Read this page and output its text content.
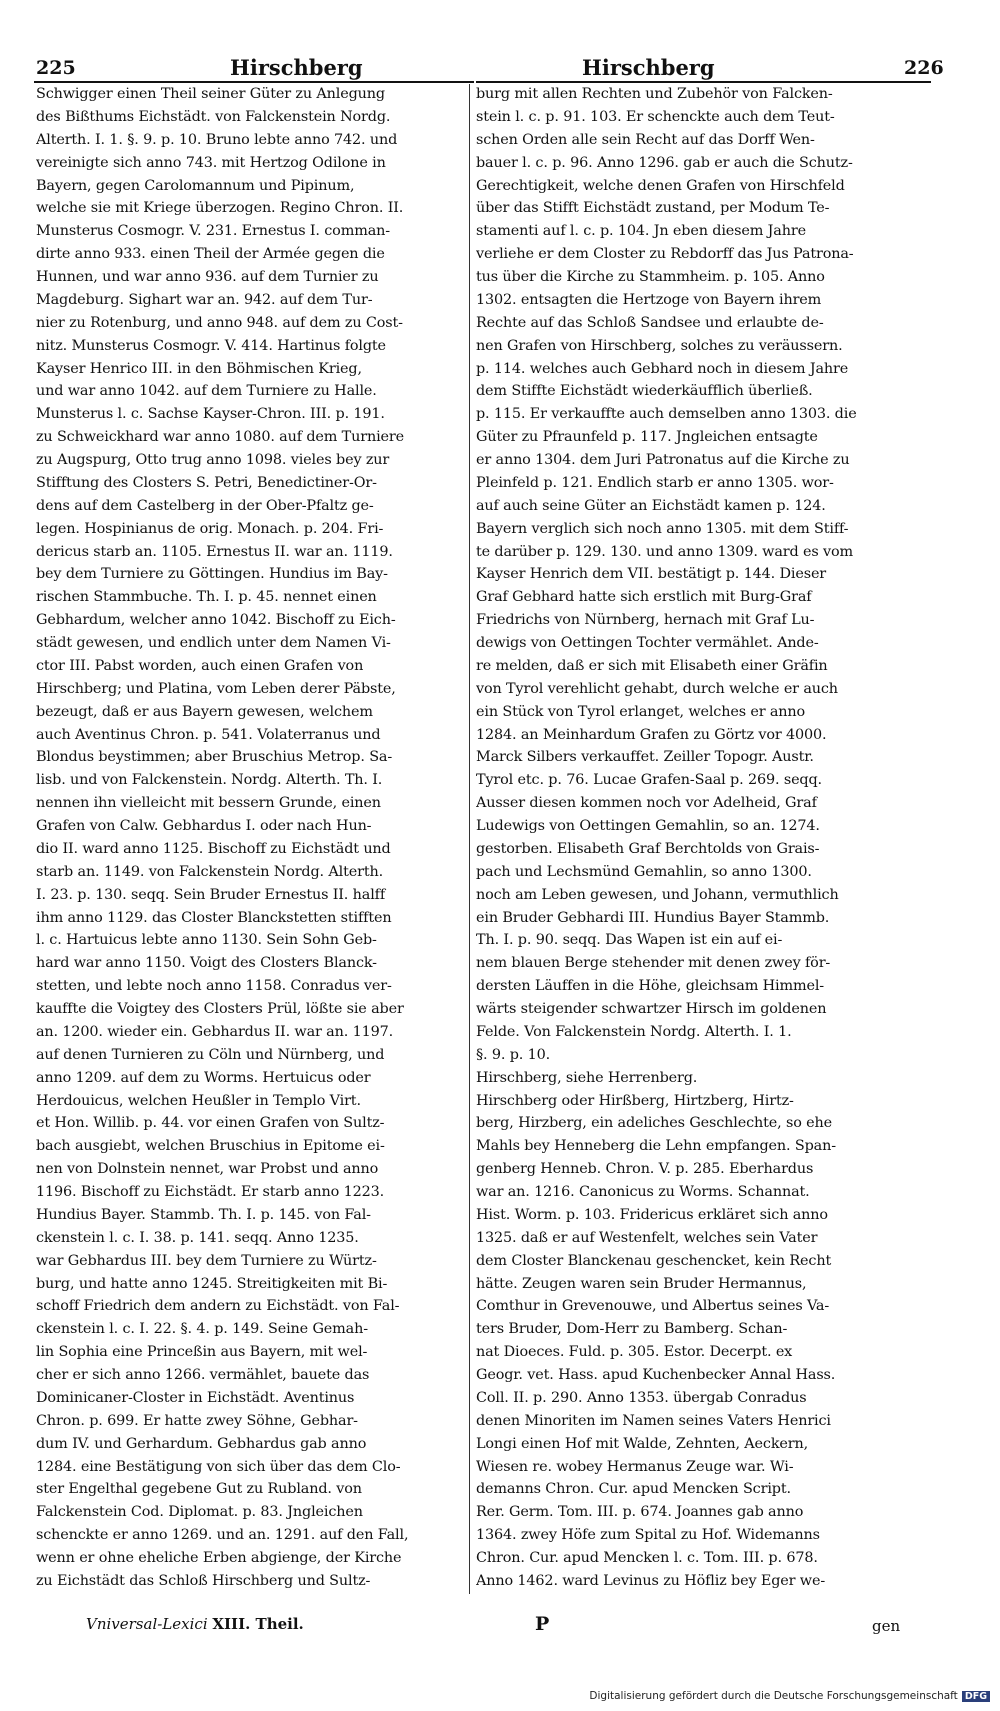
225	Hirschberg	Hirschberg	226
Schwigger einen Theil seiner Güter zu Anlegung
des Bißthums Eichstädt. von Falckenstein Nordg.
Alterth. I. 1. §. 9. p. 10. Bruno lebte anno 742. und
vereinigte sich anno 743. mit Hertzog Odilone in
Bayern, gegen Carolomannum und Pipinum,
welche sie mit Kriege überzogen. Regino Chron. II.
Munsterus Cosmogr. V. 231. Ernestus I. comman-
dirte anno 933. einen Theil der Armée gegen die
Hunnen, und war anno 936. auf dem Turnier zu
Magdeburg. Sighart war an. 942. auf dem Tur-
nier zu Rotenburg, und anno 948. auf dem zu Cost-
nitz. Munsterus Cosmogr. V. 414. Hartinus folgte
Kayser Henrico III. in den Böhmischen Krieg,
und war anno 1042. auf dem Turniere zu Halle.
Munsterus l. c. Sachse Kayser-Chron. III. p. 191.
zu Schweickhard war anno 1080. auf dem Turniere
zu Augspurg, Otto trug anno 1098. vieles bey zur
Stifftung des Closters S. Petri, Benedictiner-Or-
dens auf dem Castelberg in der Ober-Pfaltz ge-
legen. Hospinianus de orig. Monach. p. 204. Fri-
dericus starb an. 1105. Ernestus II. war an. 1119.
bey dem Turniere zu Göttingen. Hundius im Bay-
rischen Stammbuche. Th. I. p. 45. nennet einen
Gebhardum, welcher anno 1042. Bischoff zu Eich-
städt gewesen, und endlich unter dem Namen Vi-
ctor III. Pabst worden, auch einen Grafen von
Hirschberg; und Platina, vom Leben derer Päbste,
bezeugt, daß er aus Bayern gewesen, welchem
auch Aventinus Chron. p. 541. Volaterranus und
Blondus beystimmen; aber Bruschius Metrop. Sa-
lisb. und von Falckenstein. Nordg. Alterth. Th. I.
nennen ihn vielleicht mit bessern Grunde, einen
Grafen von Calw. Gebhardus I. oder nach Hun-
dio II. ward anno 1125. Bischoff zu Eichstädt und
starb an. 1149. von Falckenstein Nordg. Alterth.
I. 23. p. 130. seqq. Sein Bruder Ernestus II. halff
ihm anno 1129. das Closter Blanckstetten stifften
l. c. Hartuicus lebte anno 1130. Sein Sohn Geb-
hard war anno 1150. Voigt des Closters Blanck-
stetten, und lebte noch anno 1158. Conradus ver-
kauffte die Voigtey des Closters Prül, lößte sie aber
an. 1200. wieder ein. Gebhardus II. war an. 1197.
auf denen Turnieren zu Cöln und Nürnberg, und
anno 1209. auf dem zu Worms. Hertuicus oder
Herdouicus, welchen Heußler in Templo Virt.
et Hon. Willib. p. 44. vor einen Grafen von Sultz-
bach ausgiebt, welchen Bruschius in Epitome ei-
nen von Dolnstein nennet, war Probst und anno
1196. Bischoff zu Eichstädt. Er starb anno 1223.
Hundius Bayer. Stammb. Th. I. p. 145. von Fal-
ckenstein l. c. I. 38. p. 141. seqq. Anno 1235.
war Gebhardus III. bey dem Turniere zu Würtz-
burg, und hatte anno 1245. Streitigkeiten mit Bi-
schoff Friedrich dem andern zu Eichstädt. von Fal-
ckenstein l. c. I. 22. §. 4. p. 149. Seine Gemah-
lin Sophia eine Princeßin aus Bayern, mit wel-
cher er sich anno 1266. vermählet, bauete das
Dominicaner-Closter in Eichstädt. Aventinus
Chron. p. 699. Er hatte zwey Söhne, Gebhar-
dum IV. und Gerhardum. Gebhardus gab anno
1284. eine Bestätigung von sich über das dem Clo-
ster Engelthal gegebene Gut zu Rubland. von
Falckenstein Cod. Diplomat. p. 83. Jngleichen
schenckte er anno 1269. und an. 1291. auf den Fall,
wenn er ohne eheliche Erben abgienge, der Kirche
zu Eichstädt das Schloß Hirschberg und Sultz-
burg mit allen Rechten und Zubehör von Falcken-
stein l. c. p. 91. 103. Er schenckte auch dem Teut-
schen Orden alle sein Recht auf das Dorff Wen-
bauer l. c. p. 96. Anno 1296. gab er auch die Schutz-
Gerechtigkeit, welche denen Grafen von Hirschfeld
über das Stifft Eichstädt zustand, per Modum Te-
stamenti auf l. c. p. 104. Jn eben diesem Jahre
verliehe er dem Closter zu Rebdorff das Jus Patrona-
tus über die Kirche zu Stammheim. p. 105. Anno
1302. entsagten die Hertzoge von Bayern ihrem
Rechte auf das Schloß Sandsee und erlaubte de-
nen Grafen von Hirschberg, solches zu veräussern.
p. 114. welches auch Gebhard noch in diesem Jahre
dem Stiffte Eichstädt wiederkäufflich überließ.
p. 115. Er verkauffte auch demselben anno 1303. die
Güter zu Pfraunfeld p. 117. Jngleichen entsagte
er anno 1304. dem Juri Patronatus auf die Kirche zu
Pleinfeld p. 121. Endlich starb er anno 1305. wor-
auf auch seine Güter an Eichstädt kamen p. 124.
Bayern verglich sich noch anno 1305. mit dem Stiff-
te darüber p. 129. 130. und anno 1309. ward es vom
Kayser Henrich dem VII. bestätigt p. 144. Dieser
Graf Gebhard hatte sich erstlich mit Burg-Graf
Friedrichs von Nürnberg, hernach mit Graf Lu-
dewigs von Oettingen Tochter vermählet. Ande-
re melden, daß er sich mit Elisabeth einer Gräfin
von Tyrol verehlicht gehabt, durch welche er auch
ein Stück von Tyrol erlanget, welches er anno
1284. an Meinhardum Grafen zu Görtz vor 4000.
Marck Silbers verkauffet. Zeiller Topogr. Austr.
Tyrol etc. p. 76. Lucae Grafen-Saal p. 269. seqq.
Ausser diesen kommen noch vor Adelheid, Graf
Ludewigs von Oettingen Gemahlin, so an. 1274.
gestorben. Elisabeth Graf Berchtolds von Grais-
pach und Lechsmünd Gemahlin, so anno 1300.
noch am Leben gewesen, und Johann, vermuthlich
ein Bruder Gebhardi III. Hundius Bayer Stammb.
Th. I. p. 90. seqq. Das Wapen ist ein auf ei-
nem blauen Berge stehender mit denen zwey för-
dersten Läuffen in die Höhe, gleichsam Himmel-
wärts steigender schwartzer Hirsch im goldenen
Felde. Von Falckenstein Nordg. Alterth. I. 1.
§. 9. p. 10.
Hirschberg, siehe Herrenberg.
Hirschberg oder Hirßberg, Hirtzberg, Hirtz-
berg, Hirzberg, ein adeliches Geschlechte, so ehe
Mahls bey Henneberg die Lehn empfangen. Span-
genberg Henneb. Chron. V. p. 285. Eberhardus
war an. 1216. Canonicus zu Worms. Schannat.
Hist. Worm. p. 103. Fridericus erkläret sich anno
1325. daß er auf Westenfelt, welches sein Vater
dem Closter Blanckenau geschencket, kein Recht
hätte. Zeugen waren sein Bruder Hermannus,
Comthur in Grevenouwe, und Albertus seines Va-
ters Bruder, Dom-Herr zu Bamberg. Schan-
nat Dioeces. Fuld. p. 305. Estor. Decerpt. ex
Geogr. vet. Hass. apud Kuchenbecker Annal Hass.
Coll. II. p. 290. Anno 1353. übergab Conradus
denen Minoriten im Namen seines Vaters Henrici
Longi einen Hof mit Walde, Zehnten, Aeckern,
Wiesen re. wobey Hermanus Zeuge war. Wi-
demanns Chron. Cur. apud Mencken Script.
Rer. Germ. Tom. III. p. 674. Joannes gab anno
1364. zwey Höfe zum Spital zu Hof. Widemanns
Chron. Cur. apud Mencken l. c. Tom. III. p. 678.
Anno 1462. ward Levinus zu Höfliz bey Eger we-
Vniversal-Lexici XIII. Theil.	P	gen
Digitalisierung gefördert durch die Deutsche Forschungsgemeinschaft DFG
